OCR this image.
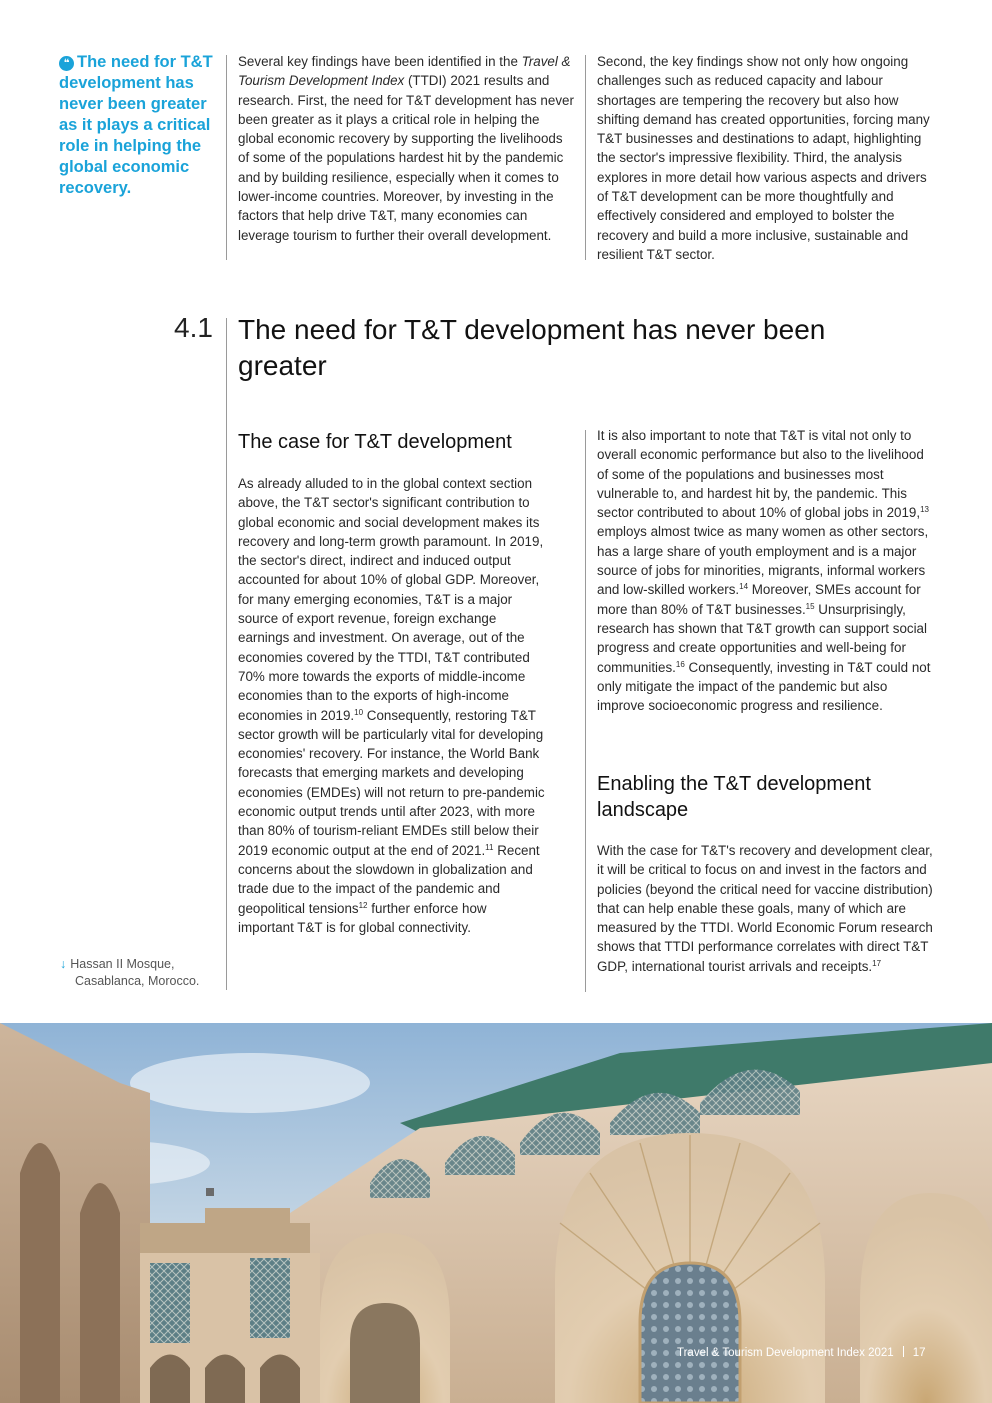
❝ The need for T&T development has never been greater as it plays a critical role in helping the global economic recovery.

Several key findings have been identified in the Travel & Tourism Development Index (TTDI) 2021 results and research. First, the need for T&T development has never been greater as it plays a critical role in helping the global economic recovery by supporting the livelihoods of some of the populations hardest hit by the pandemic and by building resilience, especially when it comes to lower-income countries. Moreover, by investing in the factors that help drive T&T, many economies can leverage tourism to further their overall development.

Second, the key findings show not only how ongoing challenges such as reduced capacity and labour shortages are tempering the recovery but also how shifting demand has created opportunities, forcing many T&T businesses and destinations to adapt, highlighting the sector's impressive flexibility. Third, the analysis explores in more detail how various aspects and drivers of T&T development can be more thoughtfully and effectively considered and employed to bolster the recovery and build a more inclusive, sustainable and resilient T&T sector.

4.1 The need for T&T development has never been greater
The case for T&T development

As already alluded to in the global context section above, the T&T sector's significant contribution to global economic and social development makes its recovery and long-term growth paramount. In 2019, the sector's direct, indirect and induced output accounted for about 10% of global GDP. Moreover, for many emerging economies, T&T is a major source of export revenue, foreign exchange earnings and investment. On average, out of the economies covered by the TTDI, T&T contributed 70% more towards the exports of middle-income economies than to the exports of high-income economies in 2019.10 Consequently, restoring T&T sector growth will be particularly vital for developing economies' recovery. For instance, the World Bank forecasts that emerging markets and developing economies (EMDEs) will not return to pre-pandemic economic output trends until after 2023, with more than 80% of tourism-reliant EMDEs still below their 2019 economic output at the end of 2021.11 Recent concerns about the slowdown in globalization and trade due to the impact of the pandemic and geopolitical tensions$^{12}$ further enforce how important T&T is for global connectivity.

It is also important to note that T&T is vital not only to overall economic performance but also to the livelihood of some of the populations and businesses most vulnerable to, and hardest hit by, the pandemic. This sector contributed to about 10% of global jobs in 2019,13 employs almost twice as many women as other sectors, has a large share of youth employment and is a major source of jobs for minorities, migrants, informal workers and low-skilled workers.$^{14}$ Moreover, SMEs account for more than 80% of T&T businesses.$^{15}$ Unsurprisingly, research has shown that T&T growth can support social progress and create opportunities and well-being for communities.$^{16}$ Consequently, investing in T&T could not only mitigate the impact of the pandemic but also improve socioeconomic progress and resilience.

Enabling the T&T development landscape

With the case for T&T's recovery and development clear, it will be critical to focus on and invest in the factors and policies (beyond the critical need for vaccine distribution) that can help enable these goals, many of which are measured by the TTDI. World Economic Forum research shows that TTDI performance correlates with direct T&T GDP, international tourist arrivals and receipts.$^{17}$

↓ Hassan II Mosque,
Casablanca, Morocco.
Travel & Tourism Development Index 2021 17
